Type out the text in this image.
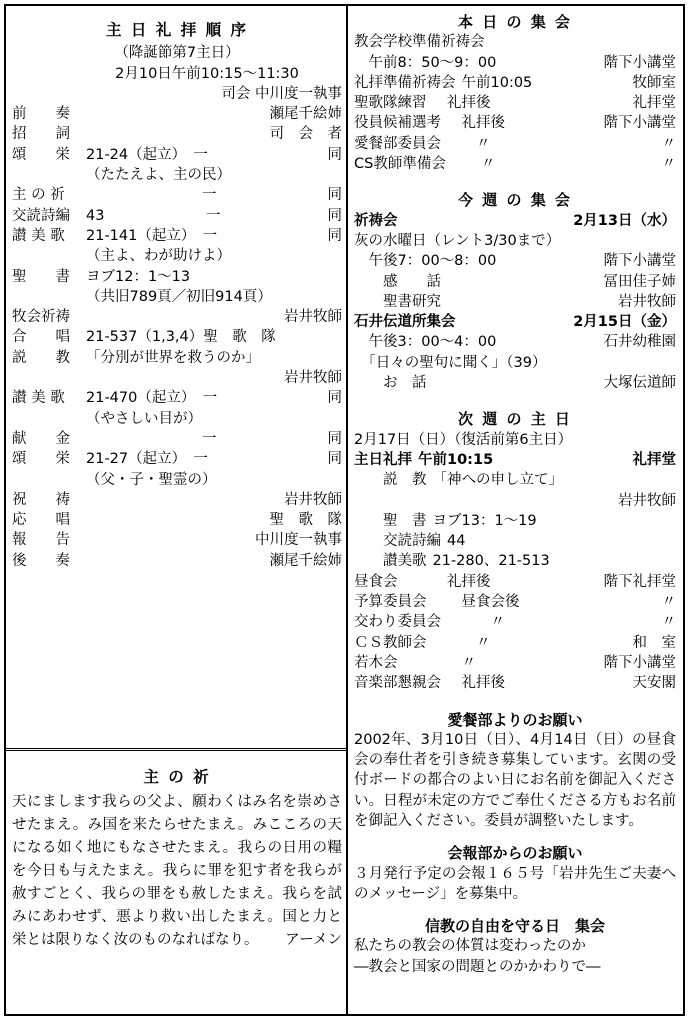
主 日 礼 拝 順 序
（降誕節第7主日）
2月10日午前10:15～11:30
司会 中川度一執事
前　　奏	瀬尾千絵姉
招　　詞	司　会　者
頌　　栄	21-24（起立）　一	同
（たたえよ、主の民）
主 の 祈	　　　　　　　　一	同
交読詩編	43　　　　　　　一	同
讃 美 歌	21-141（起立）　一	同
（主よ、わが助けよ）
聖　　書	ヨブ12：1～13
（共旧789頁／初旧914頁）
牧会祈祷	岩井牧師
合　　唱	21-537（1,3,4）聖　歌　隊
説　　教	「分別が世界を救うのか」
岩井牧師
讃 美 歌	21-470（起立）　一	同
（やさしい目が）
献　　金	　　　　　　　　一	同
頌　　栄	21-27（起立）　一	同
（父・子・聖霊の）
祝　　祷	岩井牧師
応　　唱	聖　歌　隊
報　　告	中川度一執事
後　　奏	瀬尾千絵姉
主 の 祈

天にまします我らの父よ、願わくはみ名を崇めさせたまえ。み国を来たらせたまえ。みこころの天になる如く地にもなさせたまえ。我らの日用の糧を今日も与えたまえ。我らに罪を犯す者を我らが赦すごとく、我らの罪をも赦したまえ。我らを試みにあわせず、悪より救い出したまえ。国と力と栄とは限りなく汝のものなればなり。 アーメン

本 日 の 集 会
教会学校準備祈祷会
　午前8：50～9：00	階下小講堂
礼拝準備祈祷会 午前10:05	牧師室
聖歌隊練習 　礼拝後	礼拝堂
役員候補選考 　礼拝後	階下小講堂
愛餐部委員会 　　〃	〃　
CS教師準備会 　　〃	〃　
今 週 の 集 会
祈祷会	2月13日（水）
灰の水曜日（レント3/30まで）
　午後7：00～8：00	階下小講堂
　　感　　話	冨田佳子姉
　　聖書研究	岩井牧師
石井伝道所集会	2月15日（金）
　午後3：00～4：00	石井幼稚園
　「日々の聖句に聞く」（39）
　　お　話	大塚伝道師
次 週 の 主 日
2月17日（日）（復活前第6主日）
主日礼拝 午前10:15	礼拝堂
　　説　教 「神への申し立て」
岩井牧師
　　聖　書 ヨブ13：1～19
　　交読詩編 44
　　讃美歌 21-280、21-513
昼食会 　　　礼拝後	階下礼拝堂
予算委員会 　　昼食会後	〃　
交わり委員会 　　　〃	〃　
ＣＳ教師会 　　　〃	和　室
若木会 　　　　〃	階下小講堂
音楽部懇親会 　礼拝後	天安閣
愛餐部よりのお願い

2002年、3月10日（日）、4月14日（日）の昼食会の奉仕者を引き続き募集しています。玄関の受付ボードの都合のよい日にお名前を御記入ください。日程が未定の方でご奉仕くださる方もお名前を御記入ください。委員が調整いたします。

会報部からのお願い

３月発行予定の会報１６５号「岩井先生ご夫妻へのメッセージ」を募集中。

信教の自由を守る日　集会
私たちの教会の体質は変わったのか
―教会と国家の問題とのかかわりで―
